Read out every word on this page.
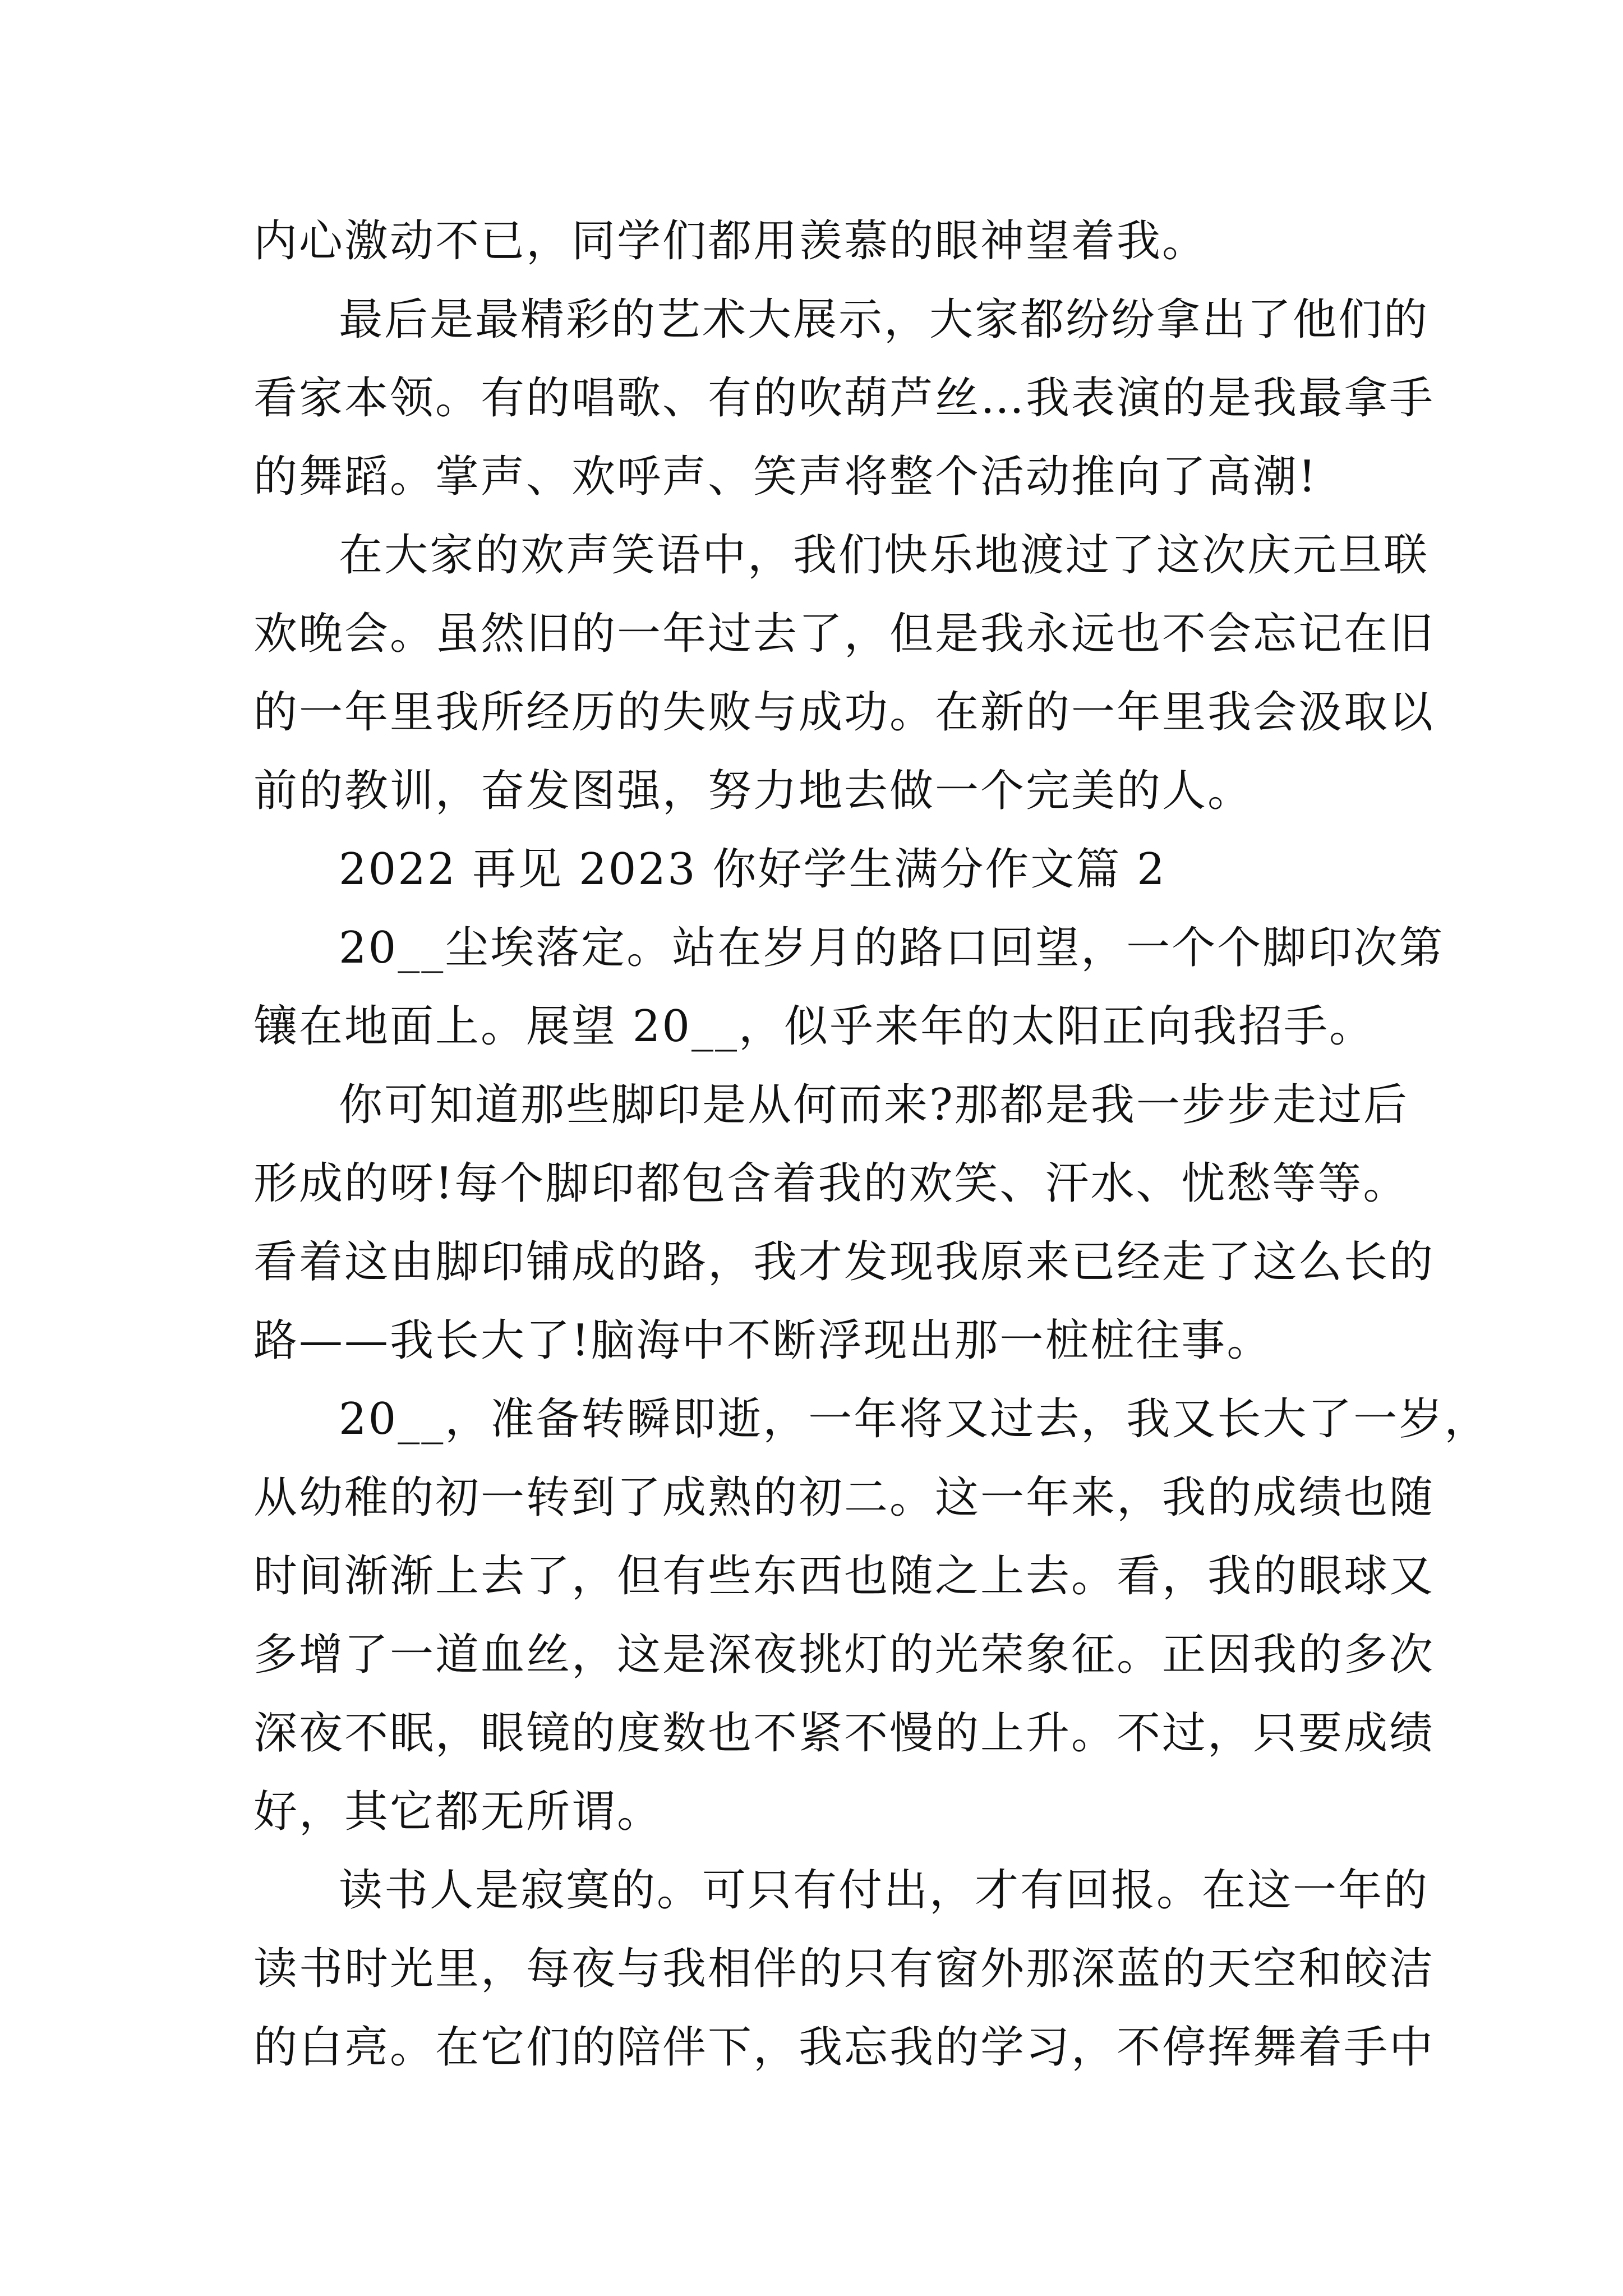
内心激动不已，同学们都用羡慕的眼神望着我。
最后是最精彩的艺术大展示，大家都纷纷拿出了他们的
看家本领。有的唱歌、有的吹葫芦丝…我表演的是我最拿手
的舞蹈。掌声、欢呼声、笑声将整个活动推向了高潮!
在大家的欢声笑语中，我们快乐地渡过了这次庆元旦联
欢晚会。虽然旧的一年过去了，但是我永远也不会忘记在旧
的一年里我所经历的失败与成功。在新的一年里我会汲取以
前的教训，奋发图强，努力地去做一个完美的人。
2022 再见 2023 你好学生满分作文篇 2
20__尘埃落定。站在岁月的路口回望，一个个脚印次第
镶在地面上。展望 20__，似乎来年的太阳正向我招手。
你可知道那些脚印是从何而来?那都是我一步步走过后
形成的呀!每个脚印都包含着我的欢笑、汗水、忧愁等等。
看着这由脚印铺成的路，我才发现我原来已经走了这么长的
路——我长大了!脑海中不断浮现出那一桩桩往事。
20__，准备转瞬即逝，一年将又过去，我又长大了一岁，
从幼稚的初一转到了成熟的初二。这一年来，我的成绩也随
时间渐渐上去了，但有些东西也随之上去。看，我的眼球又
多增了一道血丝，这是深夜挑灯的光荣象征。正因我的多次
深夜不眠，眼镜的度数也不紧不慢的上升。不过，只要成绩
好，其它都无所谓。
读书人是寂寞的。可只有付出，才有回报。在这一年的
读书时光里，每夜与我相伴的只有窗外那深蓝的天空和皎洁
的白亮。在它们的陪伴下，我忘我的学习，不停挥舞着手中
